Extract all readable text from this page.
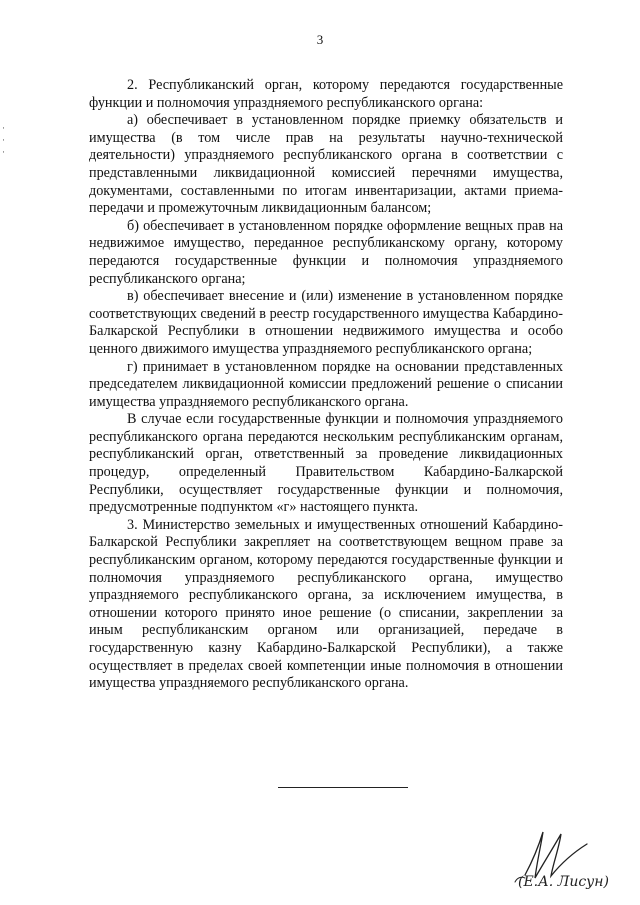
3
·
·
·

2. Республиканский орган, которому передаются государственные функции и полномочия упраздняемого республиканского органа:

а) обеспечивает в установленном порядке приемку обязательств и имущества (в том числе прав на результаты научно-технической деятельности) упраздняемого республиканского органа в соответствии с представленными ликвидационной комиссией перечнями имущества, документами, составленными по итогам инвентаризации, актами приема-передачи и промежуточным ликвидационным балансом;

б) обеспечивает в установленном порядке оформление вещных прав на недвижимое имущество, переданное республиканскому органу, которому передаются государственные функции и полномочия упраздняемого республиканского органа;

в) обеспечивает внесение и (или) изменение в установленном порядке соответствующих сведений в реестр государственного имущества Кабардино-Балкарской Республики в отношении недвижимого имущества и особо ценного движимого имущества упраздняемого республиканского органа;

г) принимает в установленном порядке на основании представленных председателем ликвидационной комиссии предложений решение о списании имущества упраздняемого республиканского органа.

В случае если государственные функции и полномочия упраздняемого республиканского органа передаются нескольким республиканским органам, республиканский орган, ответственный за проведение ликвидационных процедур, определенный Правительством Кабардино-Балкарской Республики, осуществляет государственные функции и полномочия, предусмотренные подпунктом «г» настоящего пункта.

3. Министерство земельных и имущественных отношений Кабардино-Балкарской Республики закрепляет на соответствующем вещном праве за республиканским органом, которому передаются государственные функции и полномочия упраздняемого республиканского органа, имущество упраздняемого республиканского органа, за исключением имущества, в отношении которого принято иное решение (о списании, закреплении за иным республиканским органом или организацией, передаче в государственную казну Кабардино-Балкарской Республики), а также осуществляет в пределах своей компетенции иные полномочия в отношении имущества упраздняемого республиканского органа.

(Е.А. Лисун)
